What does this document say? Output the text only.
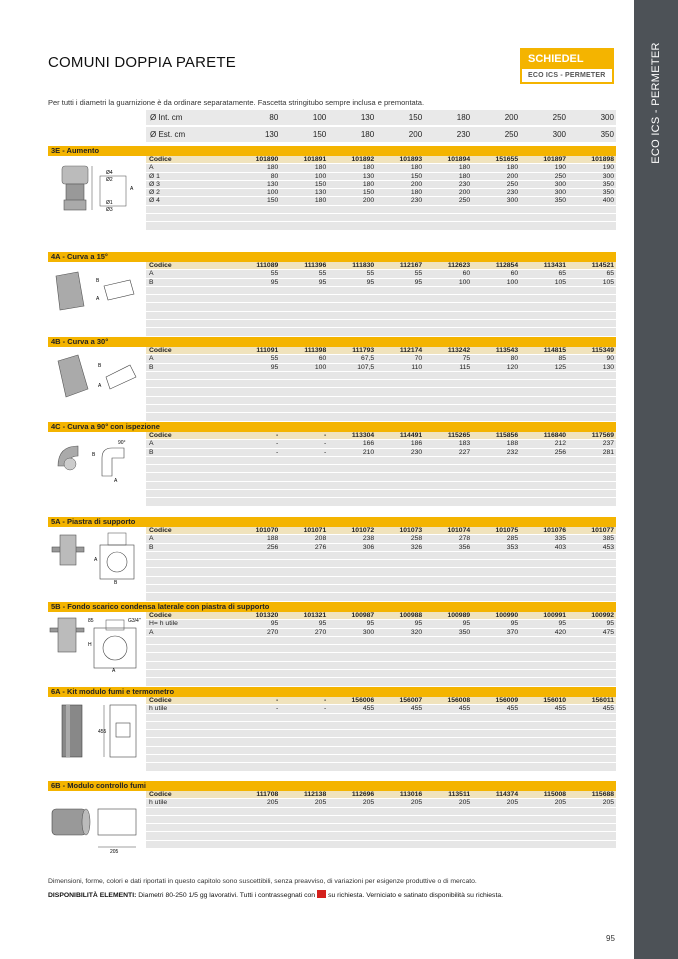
ECO ICS - PERMETER
COMUNI DOPPIA PARETE	SCHIEDEL
ECO ICS - PERMETER
Per tutti i diametri la guarnizione è da ordinare separatamente. Fascetta stringitubo sempre inclusa e premontata.
Ø Int. cm	80	100	130	150	180	200	250	300
Ø Est. cm	130	150	180	200	230	250	300	350
3E - Aumento
Ø4
Ø2
A
Ø1
Ø3
Codice	101890	101891	101892	101893	101894	151655	101897	101898
A	180	180	180	180	180	180	190	190
Ø 1	80	100	130	150	180	200	250	300
Ø 3	130	150	180	200	230	250	300	350
Ø 2	100	130	150	180	200	230	300	350
Ø 4	150	180	200	230	250	300	350	400
4A - Curva a 15°
B
A
Codice	111089	111396	111830	112167	112623	112854	113431	114521
A	55	55	55	55	60	60	65	65
B	95	95	95	95	100	100	105	105
4B - Curva a 30°
B
A
Codice	111091	111398	111793	112174	113242	113543	114815	115349
A	55	60	67,5	70	75	80	85	90
B	95	100	107,5	110	115	120	125	130
4C - Curva a 90° con ispezione
90°
B
A
Codice	-	-	113304	114491	115265	115856	116840	117569
A	-	-	166	186	183	188	212	237
B	-	-	210	230	227	232	256	281
5A - Piastra di supporto
A
B
Codice	101070	101071	101072	101073	101074	101075	101076	101077
A	188	208	238	258	278	285	335	385
B	256	276	306	326	356	353	403	453
5B - Fondo scarico condensa laterale con piastra di supporto
85	G3/4"
H
A
Codice	101320	101321	100987	100988	100989	100990	100991	100992
H= h utile	95	95	95	95	95	95	95	95
A	270	270	300	320	350	370	420	475
6A - Kit modulo fumi e termometro
455
Codice	-	-	156006	156007	156008	156009	156010	156011
h utile	-	-	455	455	455	455	455	455
6B - Modulo controllo fumi
205
Codice	111708	112138	112696	113016	113511	114374	115008	115688
h utile	205	205	205	205	205	205	205	205
Dimensioni, forme, colori e dati riportati in questo capitolo sono suscettibili, senza preavviso, di variazioni per esigenze produttive o di mercato.
DISPONIBILITÀ ELEMENTI: Diametri 80-250 1/5 gg lavorativi. Tutti i contrassegnati con su richiesta. Verniciato e satinato disponibilità su richiesta.
95
